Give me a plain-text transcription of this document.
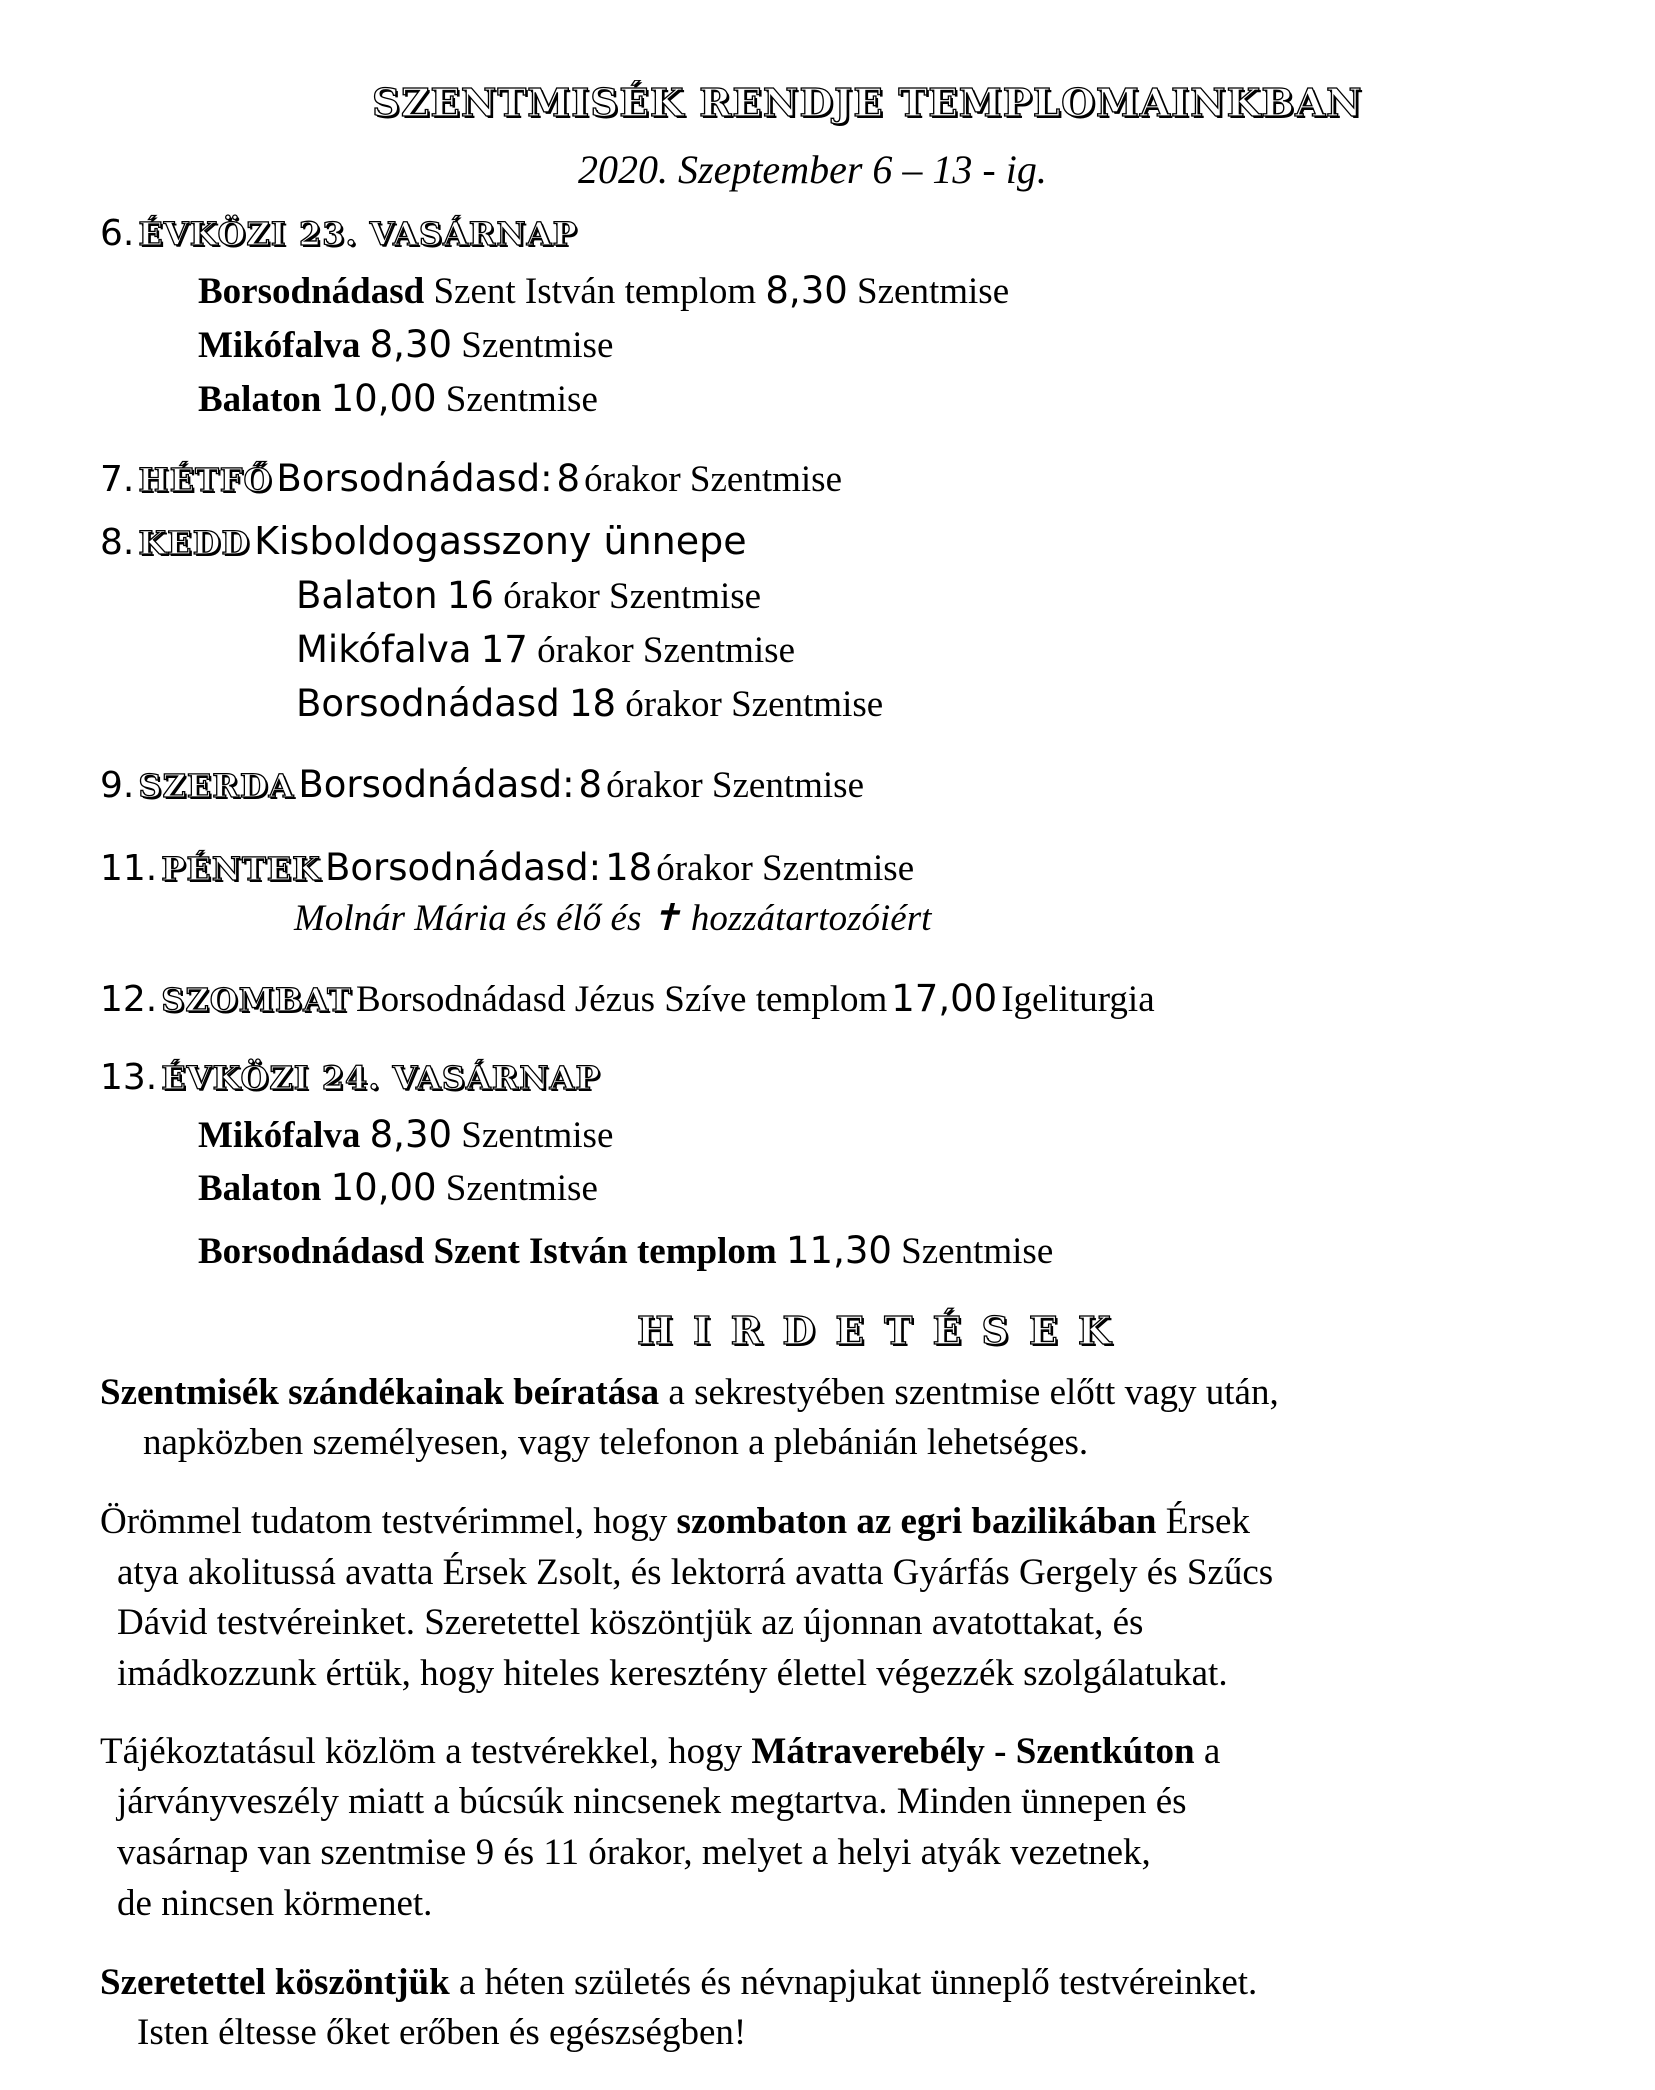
SZENTMISÉK RENDJE TEMPLOMAINKBAN
2020. Szeptember 6 – 13 - ig.
6. ÉVKÖZI 23. VASÁRNAP
Borsodnádasd Szent István templom 8,30 Szentmise
Mikófalva 8,30 Szentmise
Balaton 10,00 Szentmise
7. HÉTFŐ Borsodnádasd: 8 órakor Szentmise
8. KEDD Kisboldogasszony ünnepe
Balaton 16 órakor Szentmise
Mikófalva 17 órakor Szentmise
Borsodnádasd 18 órakor Szentmise
9. SZERDA Borsodnádasd: 8 órakor Szentmise
11. PÉNTEK Borsodnádasd: 18 órakor Szentmise
Molnár Mária és élő és ✝ hozzátartozóiért
12. SZOMBAT Borsodnádasd Jézus Szíve templom 17,00 Igeliturgia
13. ÉVKÖZI 24. VASÁRNAP
Mikófalva 8,30 Szentmise
Balaton 10,00 Szentmise
Borsodnádasd Szent István templom 11,30 Szentmise
HIRDETÉSEK
Szentmisék szándékainak beíratása a sekrestyében szentmise előtt vagy után,
napközben személyesen, vagy telefonon a plebánián lehetséges.
Örömmel tudatom testvérimmel, hogy szombaton az egri bazilikában Érsek
atya akolitussá avatta Érsek Zsolt, és lektorrá avatta Gyárfás Gergely és Szűcs
Dávid testvéreinket. Szeretettel köszöntjük az újonnan avatottakat, és
imádkozzunk értük, hogy hiteles keresztény élettel végezzék szolgálatukat.
Tájékoztatásul közlöm a testvérekkel, hogy Mátraverebély - Szentkúton a
járványveszély miatt a búcsúk nincsenek megtartva. Minden ünnepen és
vasárnap van szentmise 9 és 11 órakor, melyet a helyi atyák vezetnek,
de nincsen körmenet.
Szeretettel köszöntjük a héten születés és névnapjukat ünneplő testvéreinket.
Isten éltesse őket erőben és egészségben!
